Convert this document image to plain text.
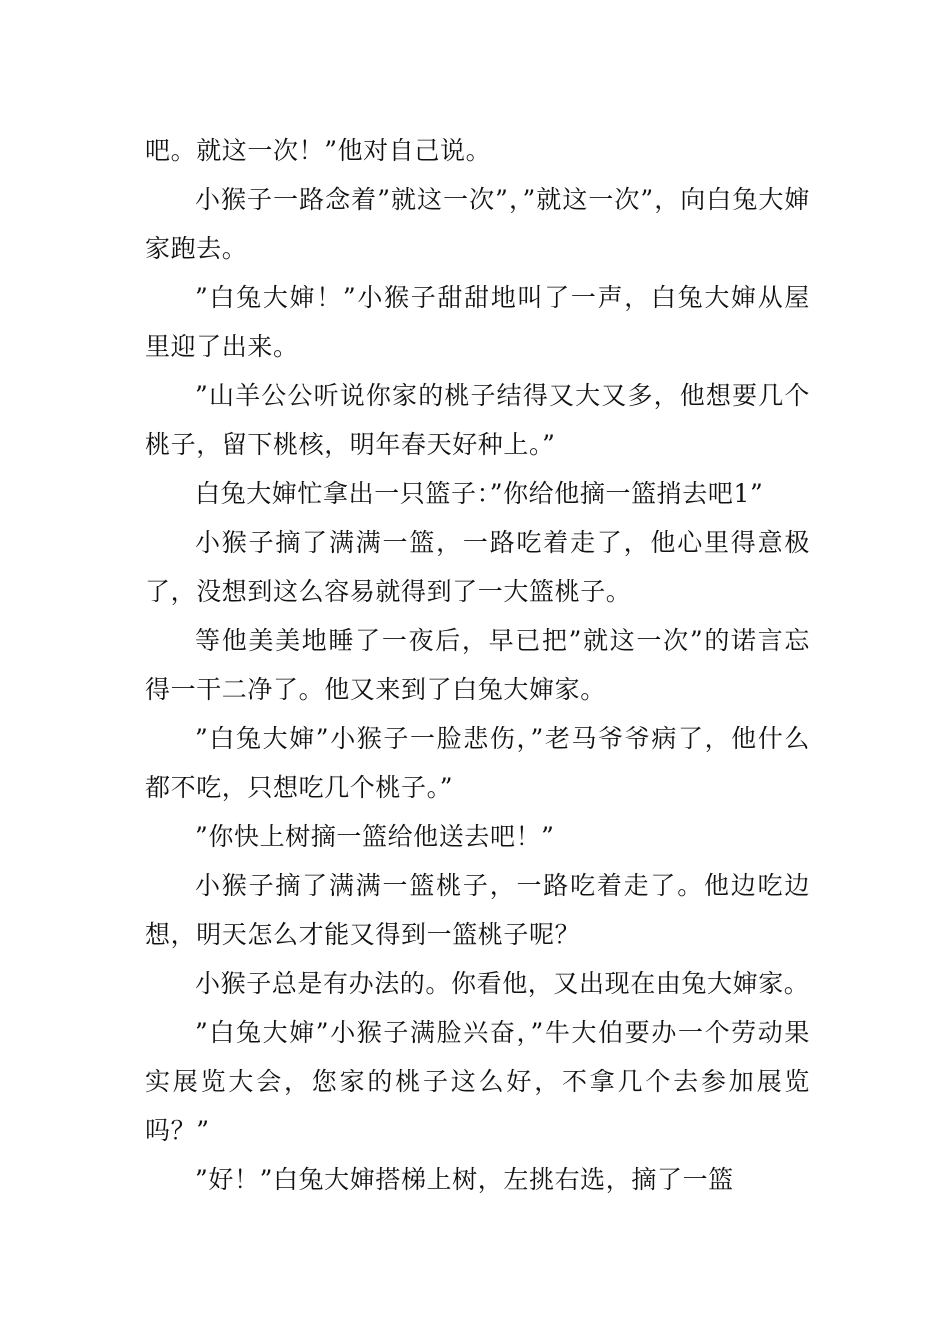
吧。就这一次！”他对自己说。

小猴子一路念着”就这一次”，”就这一次”，向白兔大婶家跑去。

”白兔大婶！”小猴子甜甜地叫了一声，白兔大婶从屋里迎了出来。

”山羊公公听说你家的桃子结得又大又多，他想要几个桃子，留下桃核，明年春天好种上。”

白兔大婶忙拿出一只篮子：”你给他摘一篮捎去吧1”

小猴子摘了满满一篮，一路吃着走了，他心里得意极了，没想到这么容易就得到了一大篮桃子。

等他美美地睡了一夜后，早已把”就这一次”的诺言忘得一干二净了。他又来到了白兔大婶家。

”白兔大婶”小猴子一脸悲伤，”老马爷爷病了，他什么都不吃，只想吃几个桃子。”

”你快上树摘一篮给他送去吧！”

小猴子摘了满满一篮桃子，一路吃着走了。他边吃边想，明天怎么才能又得到一篮桃子呢？

小猴子总是有办法的。你看他，又出现在由兔大婶家。

”白兔大婶”小猴子满脸兴奋，”牛大伯要办一个劳动果实展览大会，您家的桃子这么好，不拿几个去参加展览吗？”

”好！”白兔大婶搭梯上树，左挑右选，摘了一篮
